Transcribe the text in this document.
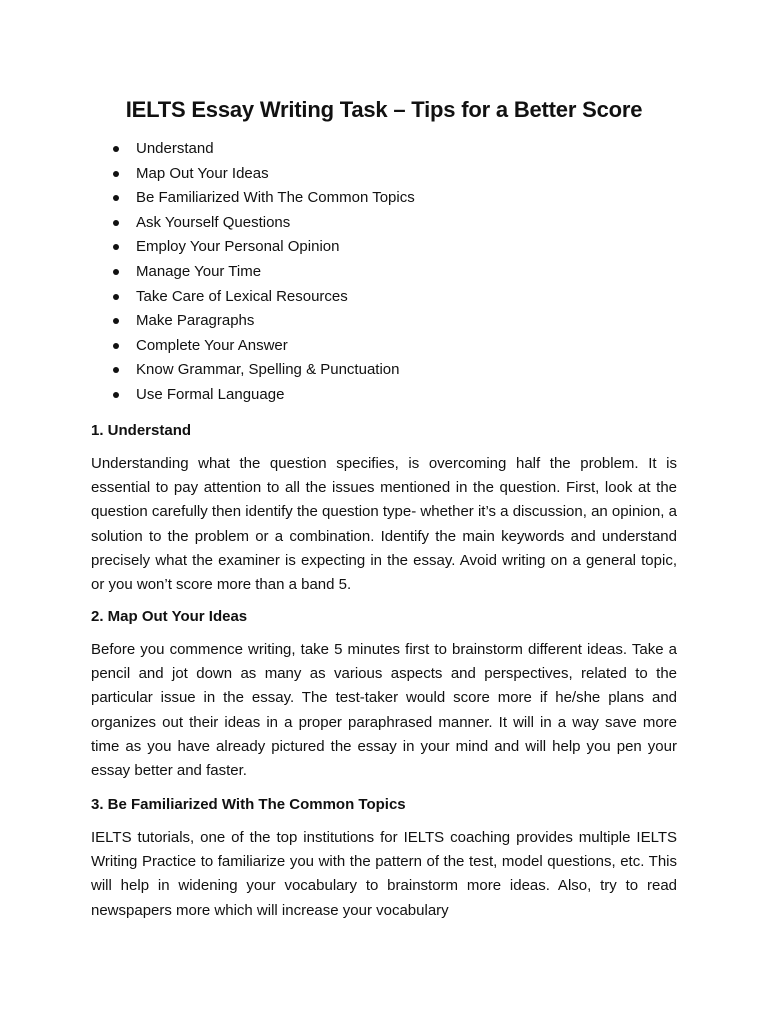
IELTS Essay Writing Task – Tips for a Better Score
Understand
Map Out Your Ideas
Be Familiarized With The Common Topics
Ask Yourself Questions
Employ Your Personal Opinion
Manage Your Time
Take Care of Lexical Resources
Make Paragraphs
Complete Your Answer
Know Grammar, Spelling & Punctuation
Use Formal Language
1. Understand

Understanding what the question specifies, is overcoming half the problem. It is essential to pay attention to all the issues mentioned in the question. First, look at the question carefully then identify the question type- whether it’s a discussion, an opinion, a solution to the problem or a combination. Identify the main keywords and understand precisely what the examiner is expecting in the essay. Avoid writing on a general topic, or you won’t score more than a band 5.

2. Map Out Your Ideas

Before you commence writing, take 5 minutes first to brainstorm different ideas. Take a pencil and jot down as many as various aspects and perspectives, related to the particular issue in the essay. The test-taker would score more if he/she plans and organizes out their ideas in a proper paraphrased manner. It will in a way save more time as you have already pictured the essay in your mind and will help you pen your essay better and faster.

3. Be Familiarized With The Common Topics

IELTS tutorials, one of the top institutions for IELTS coaching provides multiple IELTS Writing Practice to familiarize you with the pattern of the test, model questions, etc. This will help in widening your vocabulary to brainstorm more ideas. Also, try to read newspapers more which will increase your vocabulary
